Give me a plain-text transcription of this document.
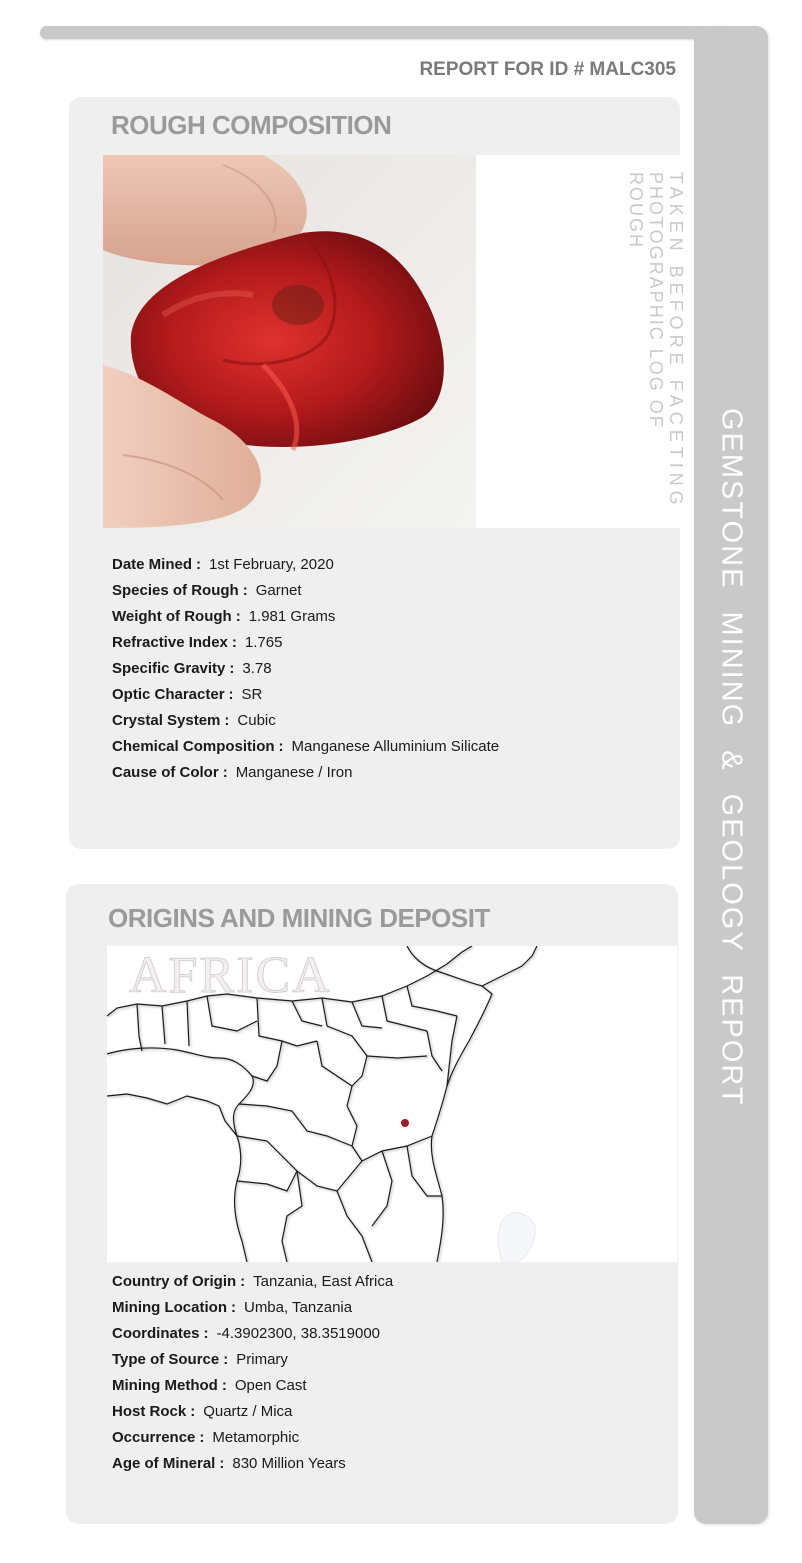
GEMSTONE MINING & GEOLOGY REPORT
REPORT FOR ID # MALC305
ROUGH COMPOSITION
PHOTOGRAPHIC LOG OF ROUGH	TAKEN BEFORE FACETING
Date Mined : 1st February, 2020
Species of Rough : Garnet
Weight of Rough : 1.981 Grams
Refractive Index : 1.765
Specific Gravity : 3.78
Optic Character : SR
Crystal System : Cubic
Chemical Composition : Manganese Alluminium Silicate
Cause of Color : Manganese / Iron
ORIGINS AND MINING DEPOSIT
AFRICA
Country of Origin : Tanzania, East Africa
Mining Location : Umba, Tanzania
Coordinates : -4.3902300, 38.3519000
Type of Source : Primary
Mining Method : Open Cast
Host Rock : Quartz / Mica
Occurrence : Metamorphic
Age of Mineral : 830 Million Years
